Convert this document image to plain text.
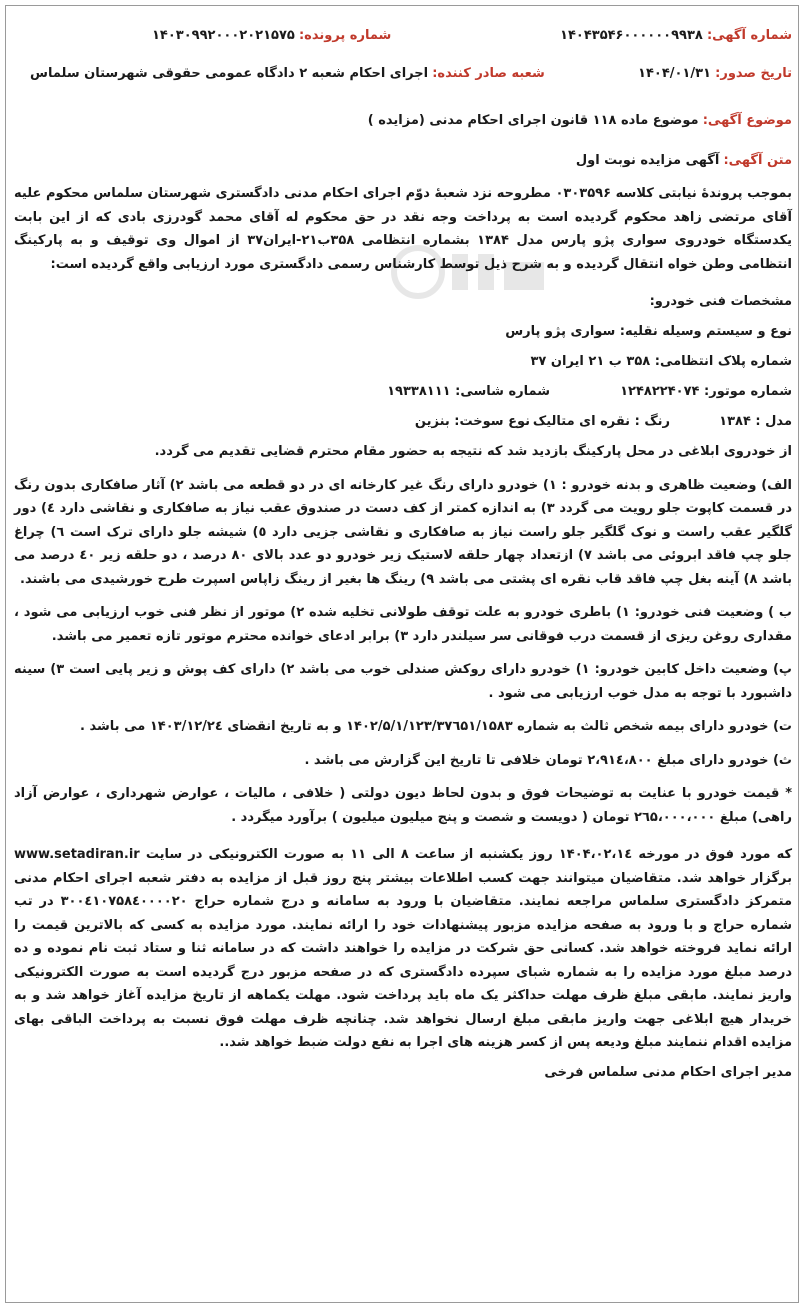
شماره آگهی: ۱۴۰۴۳۵۴۶۰۰۰۰۰۰۹۹۳۸
شماره پرونده: ۱۴۰۳۰۹۹۲۰۰۰۲۰۲۱۵۷۵
تاریخ صدور: ۱۴۰۴/۰۱/۳۱
شعبه صادر کننده: اجرای احکام شعبه ۲ دادگاه عمومی حقوقی شهرستان سلماس
موضوع آگهی: موضوع ماده ۱۱۸ قانون اجرای احکام مدنی (مزایده )
متن آگهی: آگهی مزایده نوبت اول

بموجب پروندهٔ نیابتی کلاسه ۰۳۰۳۵۹۶ مطروحه نزد شعبهٔ دوّم اجرای احکام مدنی دادگستری شهرستان سلماس محکوم علیه آقای مرتضی زاهد محکوم گردیده است به پرداخت وجه نقد در حق محکوم له آقای محمد گودرزی بادی که از این بابت یکدستگاه خودروی سواری پژو پارس مدل ۱۳۸۴ بشماره انتظامی ۳۵۸ب۲۱-ایران۳۷ از اموال وی توقیف و به پارکینگ انتظامی وطن خواه انتقال گردیده و به شرح ذیل توسط کارشناس رسمی دادگستری مورد ارزیابی واقع گردیده است:

مشخصات فنی خودرو:
نوع و سیستم وسیله نقلیه: سواری پژو پارس
شماره پلاک انتظامی: ۳۵۸ ب ۲۱ ایران ۳۷
شماره موتور: ۱۲۴۸۲۲۴۰۷۴
شماره شاسی: ۱۹۳۳۸۱۱۱
مدل : ۱۳۸۴
رنگ : نقره ای متالیک
نوع سوخت: بنزین

از خودروی ابلاغی در محل پارکینگ بازدید شد که نتیجه به حضور مقام محترم قضایی تقدیم می گردد.

الف) وضعیت ظاهری و بدنه خودرو : ۱) خودرو دارای رنگ غیر کارخانه ای در دو قطعه می باشد ۲) آثار صافکاری بدون رنگ در قسمت کاپوت جلو رویت می گردد ۳) به اندازه کمتر از کف دست در صندوق عقب نیاز به صافکاری و نقاشی دارد ٤) دور گلگیر عقب راست و نوک گلگیر جلو راست نیاز به صافکاری و نقاشی جزیی دارد ٥) شیشه جلو دارای ترک است ٦) چراغ جلو چپ فاقد ابروئی می باشد ۷) ازتعداد چهار حلقه لاستیک زیر خودرو دو عدد بالای ۸۰ درصد ، دو حلقه زیر ٤۰ درصد می باشد ۸) آینه بغل چپ فاقد قاب نقره ای پشتی می باشد ۹) رینگ ها بغیر از رینگ زاپاس اسپرت طرح خورشیدی می باشند.

ب ) وضعیت فنی خودرو: ۱) باطری خودرو به علت توقف طولانی تخلیه شده ۲) موتور از نظر فنی خوب ارزیابی می شود ، مقداری روغن ریزی از قسمت درب فوقانی سر سیلندر دارد ۳) برابر ادعای خوانده محترم موتور تازه تعمیر می باشد.

پ) وضعیت داخل کابین خودرو: ۱) خودرو دارای روکش صندلی خوب می باشد ۲) دارای کف پوش و زیر پایی است ۳) سینه داشبورد با توجه به مدل خوب ارزیابی می شود .

ت) خودرو دارای بیمه شخص ثالث به شماره ۱۴۰۲/۵/۱/۱۲۳/۳۷٦۵۱/۱۵۸۳ و به تاریخ انقضای ۱۴۰۳/۱۲/۲٤ می باشد .

ث) خودرو دارای مبلغ ۲،۹۱٤،۸۰۰ تومان خلافی تا تاریخ این گزارش می باشد .

* قیمت خودرو با عنایت به توضیحات فوق و بدون لحاظ دیون دولتی ( خلافی ، مالیات ، عوارض شهرداری ، عوارض آزاد راهی) مبلغ ۲٦۵،۰۰۰،۰۰۰ تومان ( دویست و شصت و پنج میلیون میلیون ) برآورد میگردد .

که مورد فوق در مورخه ۱۴۰۴،۰۲،۱٤ روز یکشنبه از ساعت ۸ الی ۱۱ به صورت الکترونیکی در سایت www.setadiran.ir برگزار خواهد شد. متقاضیان میتوانند جهت کسب اطلاعات بیشتر پنج روز قبل از مزایده به دفتر شعبه اجرای احکام مدنی متمرکز دادگستری سلماس مراجعه نمایند. متقاضیان با ورود به سامانه و درج شماره حراج ۳۰۰٤۱۰۷۵۸٤۰۰۰۰۲۰ در تب شماره حراج و با ورود به صفحه مزایده مزبور پیشنهادات خود را ارائه نمایند. مورد مزایده به کسی که بالاترین قیمت را ارائه نماید فروخته خواهد شد. کسانی حق شرکت در مزایده را خواهند داشت که در سامانه ثنا و ستاد ثبت نام نموده و ده درصد مبلغ مورد مزایده را به شماره شبای سپرده دادگستری که در صفحه مزبور درج گردیده است به صورت الکترونیکی واریز نمایند. مابقی مبلغ ظرف مهلت حداکثر یک ماه باید پرداخت شود. مهلت یکماهه از تاریخ مزایده آغاز خواهد شد و به خریدار هیچ ابلاغی جهت واریز مابقی مبلغ ارسال نخواهد شد. چنانچه ظرف مهلت فوق نسبت به پرداخت الباقی بهای مزایده اقدام ننمایند مبلغ ودیعه پس از کسر هزینه های اجرا به نفع دولت ضبط خواهد شد..

مدیر اجرای احکام مدنی سلماس فرخی
